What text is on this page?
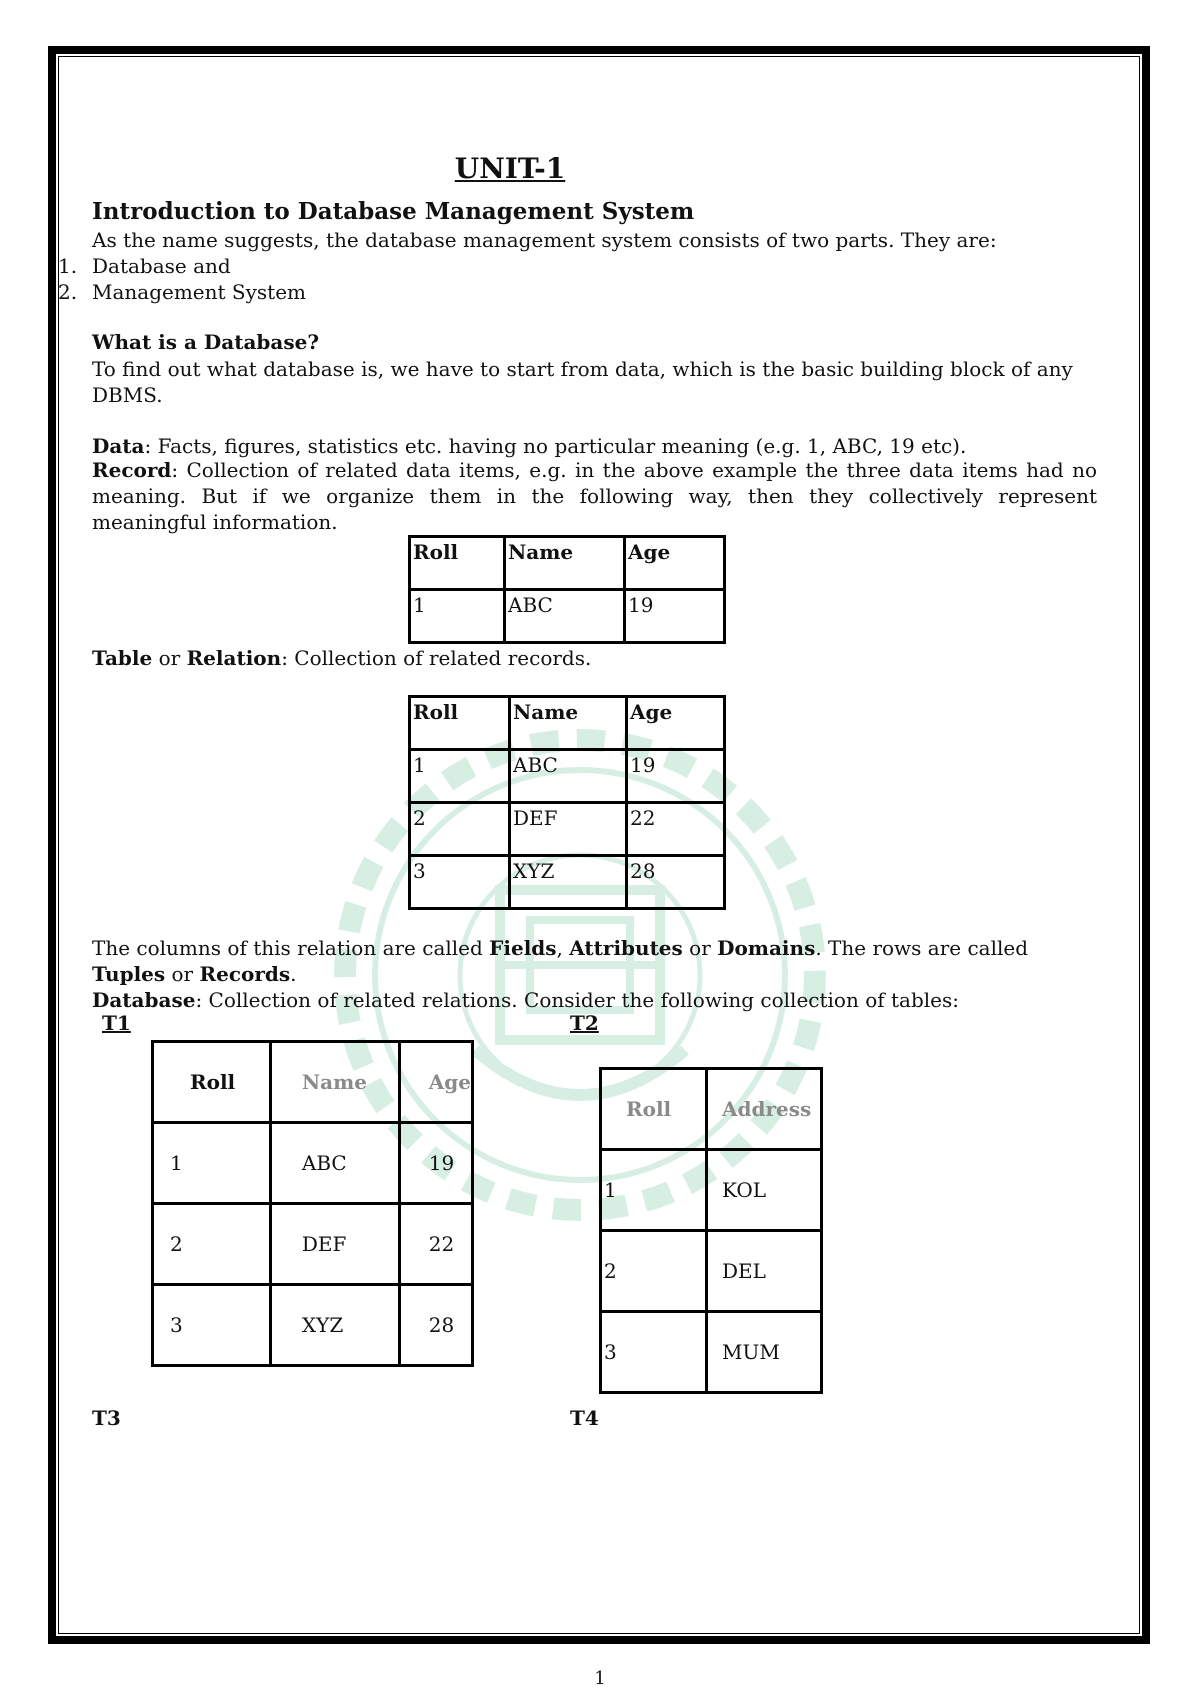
UNIT-1
Introduction to Database Management System
As the name suggests, the database management system consists of two parts. They are:
1. Database and
2. Management System
What is a Database?
To find out what database is, we have to start from data, which is the basic building block of any
DBMS.
Data: Facts, figures, statistics etc. having no particular meaning (e.g. 1, ABC, 19 etc).
Record: Collection of related data items, e.g. in the above example the three data items had no meaning. But if we organize them in the following way, then they collectively represent meaningful information.
Roll	Name	Age
1	ABC	19
Table or Relation: Collection of related records.
Roll	Name	Age
1	ABC	19
2	DEF	22
3	XYZ	28
The columns of this relation are called Fields, Attributes or Domains. The rows are called
Tuples or Records.
Database: Collection of related relations. Consider the following collection of tables:
T1	T2
Roll	Name	Age
1	ABC	19
2	DEF	22
3	XYZ	28
Roll	Address
1	KOL
2	DEL
3	MUM
T3	T4
1
